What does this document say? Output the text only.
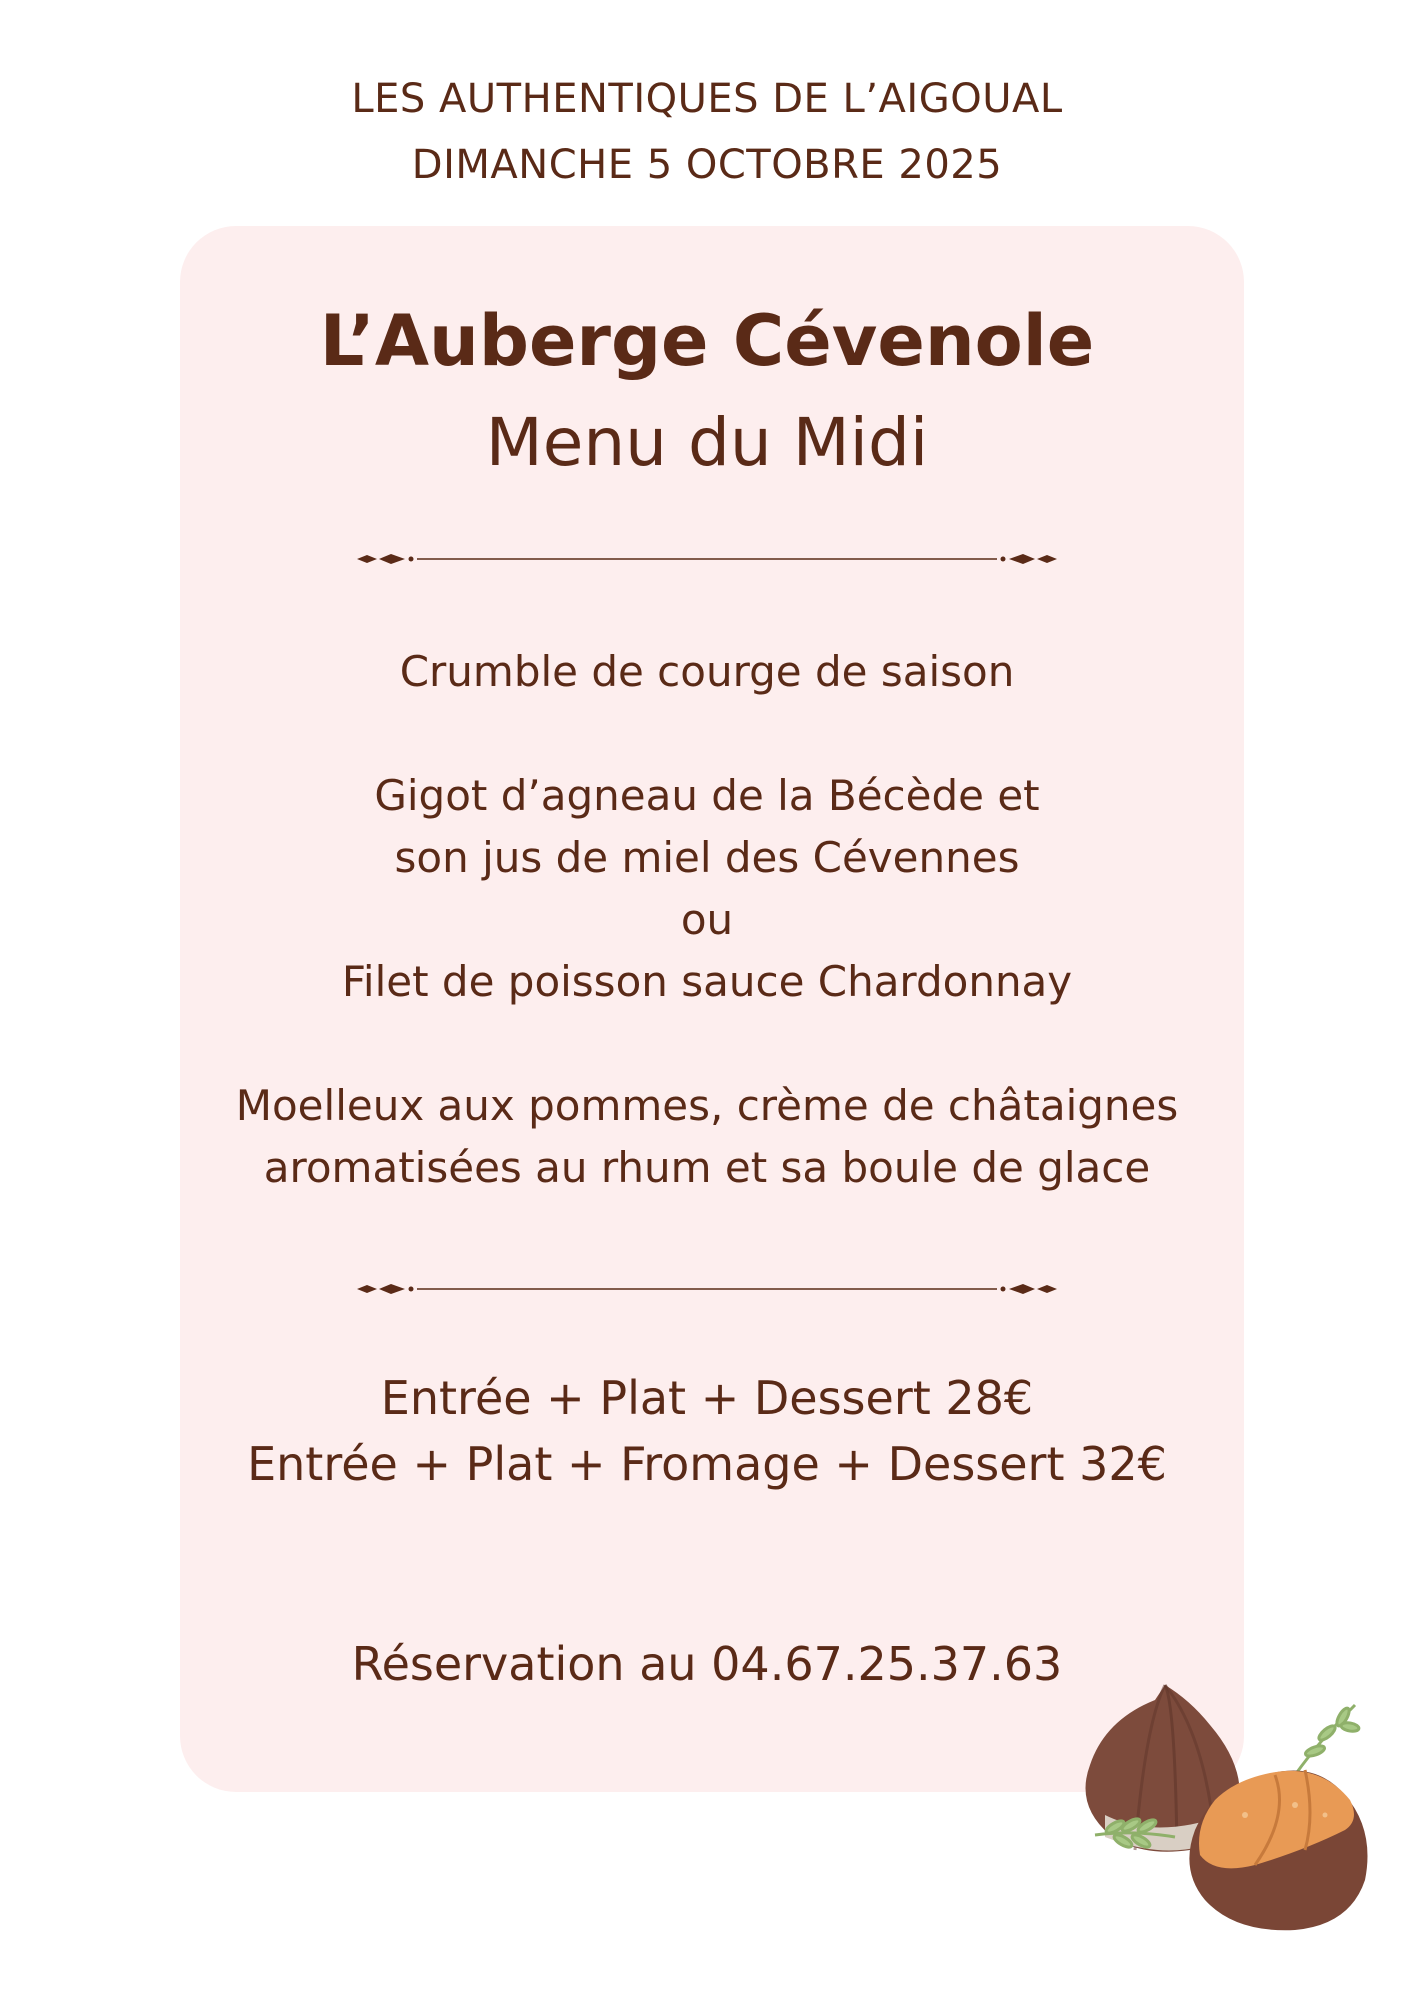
LES AUTHENTIQUES DE L’AIGOUAL
DIMANCHE 5 OCTOBRE 2025
L’Auberge Cévenole
Menu du Midi
Crumble de courge de saison
Gigot d’agneau de la Bécède et
son jus de miel des Cévennes
ou
Filet de poisson sauce Chardonnay
Moelleux aux pommes, crème de châtaignes
aromatisées au rhum et sa boule de glace
Entrée + Plat + Dessert 28€
Entrée + Plat + Fromage + Dessert 32€
Réservation au 04.67.25.37.63
